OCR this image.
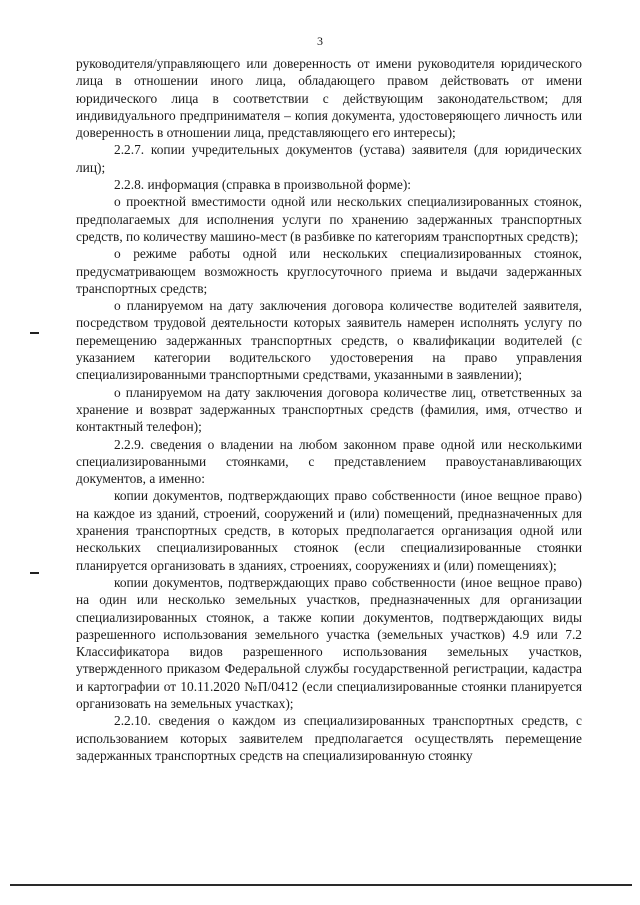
3

руководителя/управляющего или доверенность от имени руководителя юридического лица в отношении иного лица, обладающего правом действовать от имени юридического лица в соответствии с действующим законодательством; для индивидуального предпринимателя – копия документа, удостоверяющего личность или доверенность в отношении лица, представляющего его интересы);

2.2.7. копии учредительных документов (устава) заявителя (для юридических лиц);

2.2.8. информация (справка в произвольной форме):

о проектной вместимости одной или нескольких специализированных стоянок, предполагаемых для исполнения услуги по хранению задержанных транспортных средств, по количеству машино-мест (в разбивке по категориям транспортных средств);

о режиме работы одной или нескольких специализированных стоянок, предусматривающем возможность круглосуточного приема и выдачи задержанных транспортных средств;

о планируемом на дату заключения договора количестве водителей заявителя, посредством трудовой деятельности которых заявитель намерен исполнять услугу по перемещению задержанных транспортных средств, о квалификации водителей (с указанием категории водительского удостоверения на право управления специализированными транспортными средствами, указанными в заявлении);

о планируемом на дату заключения договора количестве лиц, ответственных за хранение и возврат задержанных транспортных средств (фамилия, имя, отчество и контактный телефон);

2.2.9. сведения о владении на любом законном праве одной или несколькими специализированными стоянками, с представлением правоустанавливающих документов, а именно:

копии документов, подтверждающих право собственности (иное вещное право) на каждое из зданий, строений, сооружений и (или) помещений, предназначенных для хранения транспортных средств, в которых предполагается организация одной или нескольких специализированных стоянок (если специализированные стоянки планируется организовать в зданиях, строениях, сооружениях и (или) помещениях);

копии документов, подтверждающих право собственности (иное вещное право) на один или несколько земельных участков, предназначенных для организации специализированных стоянок, а также копии документов, подтверждающих виды разрешенного использования земельного участка (земельных участков) 4.9 или 7.2 Классификатора видов разрешенного использования земельных участков, утвержденного приказом Федеральной службы государственной регистрации, кадастра и картографии от 10.11.2020 №П/0412 (если специализированные стоянки планируется организовать на земельных участках);

2.2.10. сведения о каждом из специализированных транспортных средств, с использованием которых заявителем предполагается осуществлять перемещение задержанных транспортных средств на специализированную стоянку
